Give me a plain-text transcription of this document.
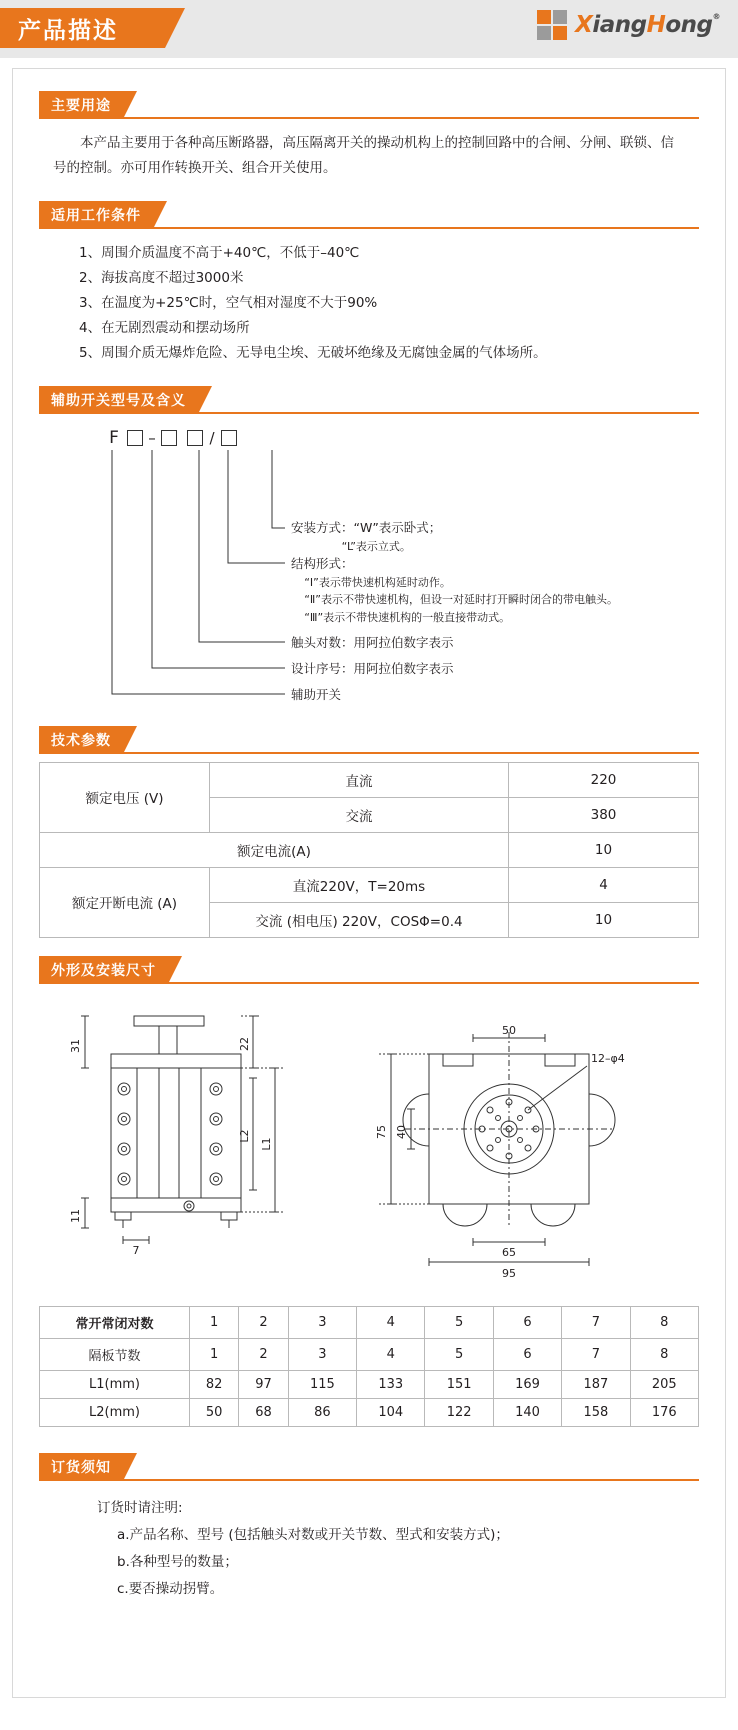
产品描述	XiangHong®
主要用途
本产品主要用于各种高压断路器，高压隔离开关的操动机构上的控制回路中的合闸、分闸、联锁、信号的控制。亦可用作转换开关、组合开关使用。
适用工作条件
1、周围介质温度不高于+40℃，不低于–40℃
2、海拔高度不超过3000米
3、在温度为+25℃时，空气相对湿度不大于90%
4、在无剧烈震动和摆动场所
5、周围介质无爆炸危险、无导电尘埃、无破坏绝缘及无腐蚀金属的气体场所。
辅助开关型号及含义
F	–	/
安装方式：“W”表示卧式；
“L”表示立式。
结构形式：
“Ⅰ”表示带快速机构延时动作。
“Ⅱ”表示不带快速机构，但设一对延时打开瞬时闭合的带电触头。
“Ⅲ”表示不带快速机构的一般直接带动式。
触头对数：用阿拉伯数字表示
设计序号：用阿拉伯数字表示
辅助开关
技术参数
额定电压 (V)	直流	220
	交流	380
额定电流(A)		10
额定开断电流 (A)	直流220V，T=20ms	4
	交流 (相电压) 220V，COSΦ=0.4	10
外形及安装尺寸
31
11
7
22
L2
L1
50
12–φ4
40
75
65
95
常开常闭对数	1	2	3	4	5	6	7	8
隔板节数	1	2	3	4	5	6	7	8
L1(mm)	82	97	115	133	151	169	187	205
L2(mm)	50	68	86	104	122	140	158	176
订货须知
订货时请注明:
a.产品名称、型号 (包括触头对数或开关节数、型式和安装方式)；
b.各种型号的数量；
c.要否操动拐臂。
